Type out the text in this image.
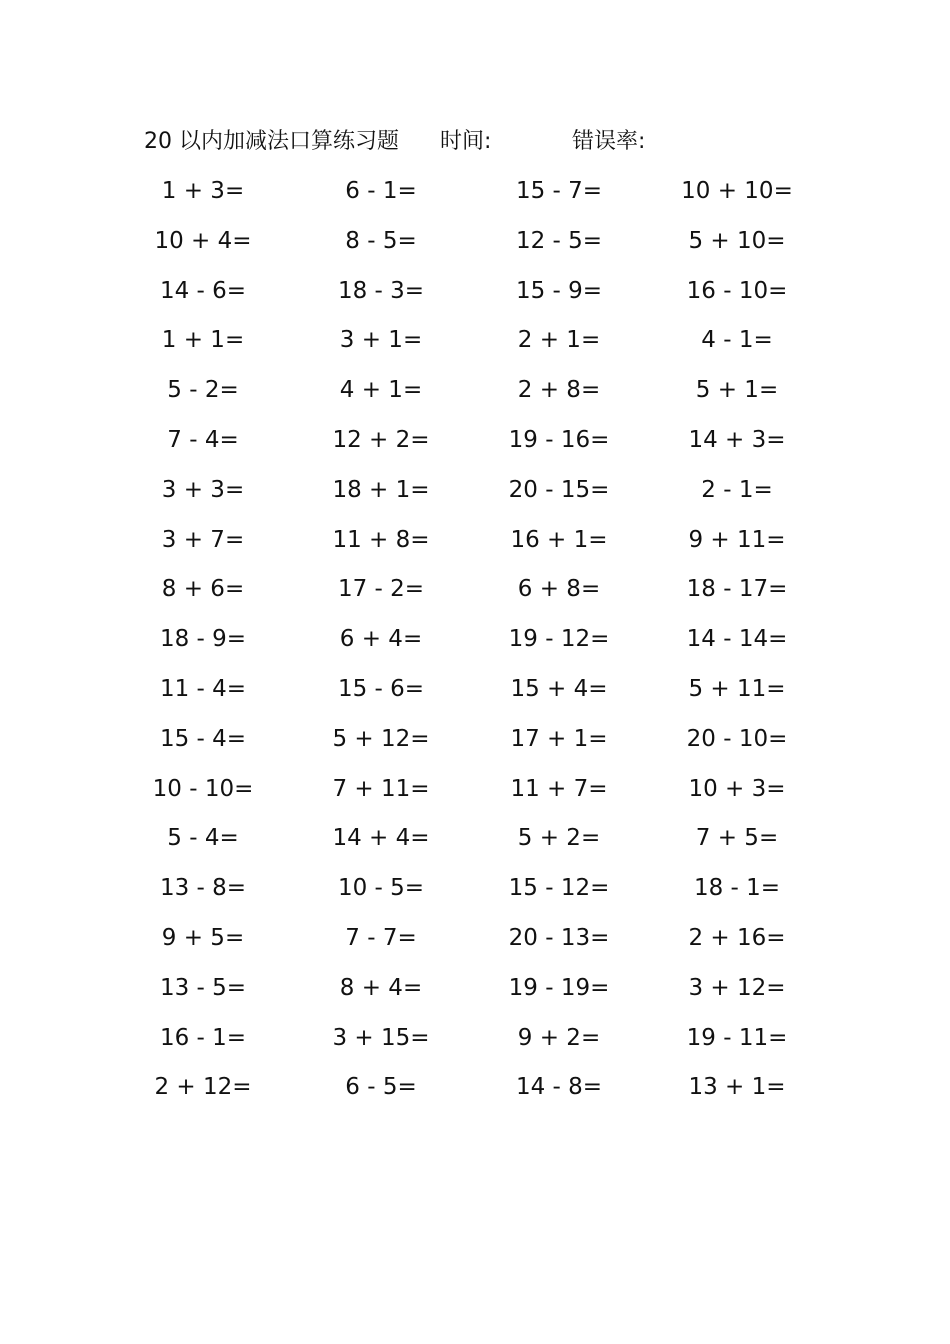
20 以内加减法口算练习题 时间:	错误率:
1 + 3=	6 - 1=	15 - 7=	10 + 10=
10 + 4=	8 - 5=	12 - 5=	5 + 10=
14 - 6=	18 - 3=	15 - 9=	16 - 10=
1 + 1=	3 + 1=	2 + 1=	4 - 1=
5 - 2=	4 + 1=	2 + 8=	5 + 1=
7 - 4=	12 + 2=	19 - 16=	14 + 3=
3 + 3=	18 + 1=	20 - 15=	2 - 1=
3 + 7=	11 + 8=	16 + 1=	9 + 11=
8 + 6=	17 - 2=	6 + 8=	18 - 17=
18 - 9=	6 + 4=	19 - 12=	14 - 14=
11 - 4=	15 - 6=	15 + 4=	5 + 11=
15 - 4=	5 + 12=	17 + 1=	20 - 10=
10 - 10=	7 + 11=	11 + 7=	10 + 3=
5 - 4=	14 + 4=	5 + 2=	7 + 5=
13 - 8=	10 - 5=	15 - 12=	18 - 1=
9 + 5=	7 - 7=	20 - 13=	2 + 16=
13 - 5=	8 + 4=	19 - 19=	3 + 12=
16 - 1=	3 + 15=	9 + 2=	19 - 11=
2 + 12=	6 - 5=	14 - 8=	13 + 1=
